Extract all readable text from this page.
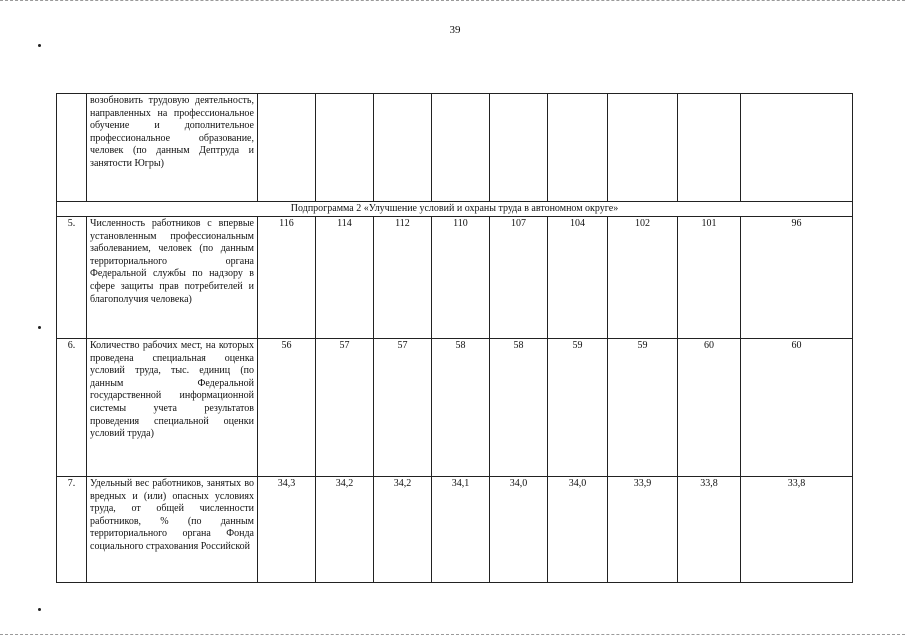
39
	возобновить трудовую деятельность, направленных на профессиональное обучение и дополнительное профессиональное образование, человек (по данным Дептруда и занятости Югры)									
Подпрограмма 2 «Улучшение условий и охраны труда в автономном округе»										
5.	Численность работников с впервые установленным профессиональным заболеванием, человек (по данным территориального органа Федеральной службы по надзору в сфере защиты прав потребителей и благополучия человека)	116	114	112	110	107	104	102	101	96
6.	Количество рабочих мест, на которых проведена специальная оценка условий труда, тыс. единиц (по данным Федеральной государственной информационной системы учета результатов проведения специальной оценки условий труда)	56	57	57	58	58	59	59	60	60
7.	Удельный вес работников, занятых во вредных и (или) опасных условиях труда, от общей численности работников, % (по данным территориального органа Фонда социального страхования Российской	34,3	34,2	34,2	34,1	34,0	34,0	33,9	33,8	33,8
